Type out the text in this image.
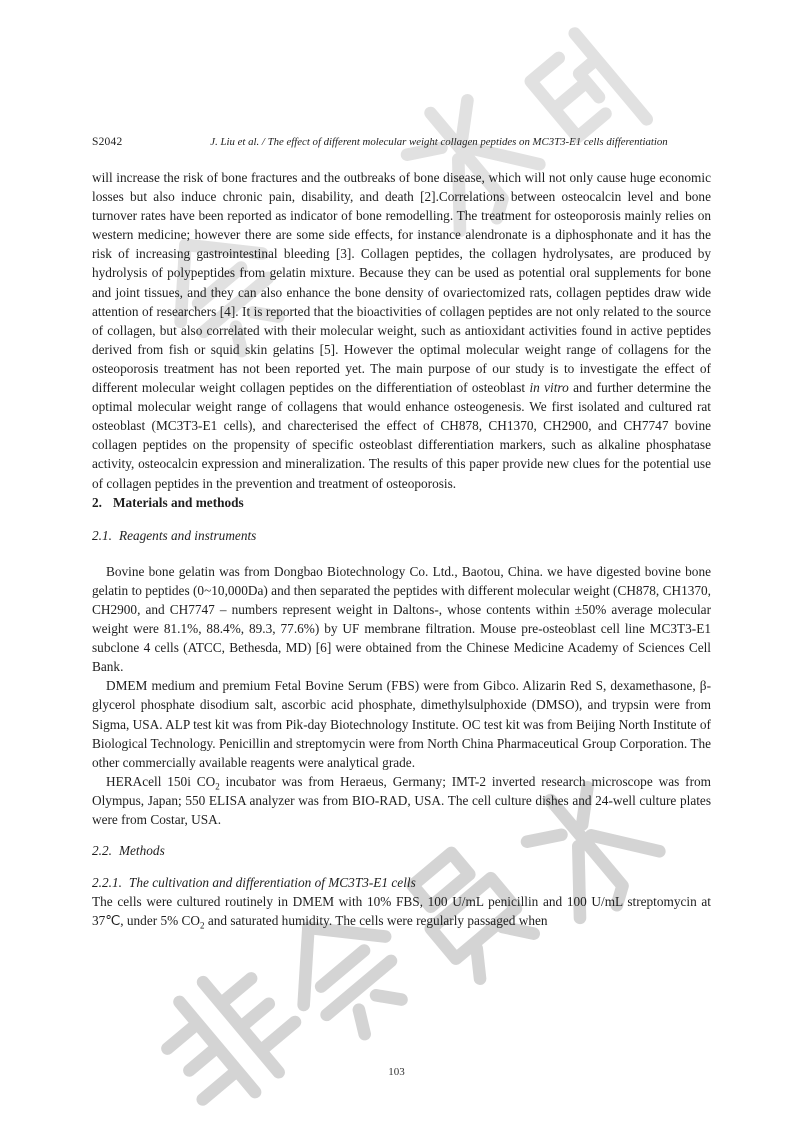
S2042	J. Liu et al. / The effect of different molecular weight collagen peptides on MC3T3-E1 cells differentiation

will increase the risk of bone fractures and the outbreaks of bone disease, which will not only cause huge economic losses but also induce chronic pain, disability, and death [2].Correlations between osteocalcin level and bone turnover rates have been reported as indicator of bone remodelling. The treatment for osteoporosis mainly relies on western medicine; however there are some side effects, for instance alendronate is a diphosphonate and it has the risk of increasing gastrointestinal bleeding [3]. Collagen peptides, the collagen hydrolysates, are produced by hydrolysis of polypeptides from gelatin mixture. Because they can be used as potential oral supplements for bone and joint tissues, and they can also enhance the bone density of ovariectomized rats, collagen peptides draw wide attention of researchers [4]. It is reported that the bioactivities of collagen peptides are not only related to the source of collagen, but also correlated with their molecular weight, such as antioxidant activities found in active peptides derived from fish or squid skin gelatins [5]. However the optimal molecular weight range of collagens for the osteoporosis treatment has not been reported yet. The main purpose of our study is to investigate the effect of different molecular weight collagen peptides on the differentiation of osteoblast in vitro and further determine the optimal molecular weight range of collagens that would enhance osteogenesis. We first isolated and cultured rat osteoblast (MC3T3-E1 cells), and charecterised the effect of CH878, CH1370, CH2900, and CH7747 bovine collagen peptides on the propensity of specific osteoblast differentiation markers, such as alkaline phosphatase activity, osteocalcin expression and mineralization. The results of this paper provide new clues for the potential use of collagen peptides in the prevention and treatment of osteoporosis.

2. Materials and methods

2.1. Reagents and instruments

Bovine bone gelatin was from Dongbao Biotechnology Co. Ltd., Baotou, China. we have digested bovine bone gelatin to peptides (0~10,000Da) and then separated the peptides with different molecular weight (CH878, CH1370, CH2900, and CH7747 – numbers represent weight in Daltons-, whose contents within ±50% average molecular weight were 81.1%, 88.4%, 89.3, 77.6%) by UF membrane filtration. Mouse pre-osteoblast cell line MC3T3-E1 subclone 4 cells (ATCC, Bethesda, MD) [6] were obtained from the Chinese Medicine Academy of Sciences Cell Bank.

DMEM medium and premium Fetal Bovine Serum (FBS) were from Gibco. Alizarin Red S, dexamethasone, β-glycerol phosphate disodium salt, ascorbic acid phosphate, dimethylsulphoxide (DMSO), and trypsin were from Sigma, USA. ALP test kit was from Pik-day Biotechnology Institute. OC test kit was from Beijing North Institute of Biological Technology. Penicillin and streptomycin were from North China Pharmaceutical Group Corporation. The other commercially available reagents were analytical grade.

HERAcell 150i $CO_2$ incubator was from Heraeus, Germany; IMT-2 inverted research microscope was from Olympus, Japan; 550 ELISA analyzer was from BIO-RAD, USA. The cell culture dishes and 24-well culture plates were from Costar, USA.

2.2. Methods

2.2.1. The cultivation and differentiation of MC3T3-E1 cells

The cells were cultured routinely in DMEM with 10% FBS, 100 U/mL penicillin and 100 U/mL streptomycin at 37℃, under 5% $CO_2$ and saturated humidity. The cells were regularly passaged when

103
